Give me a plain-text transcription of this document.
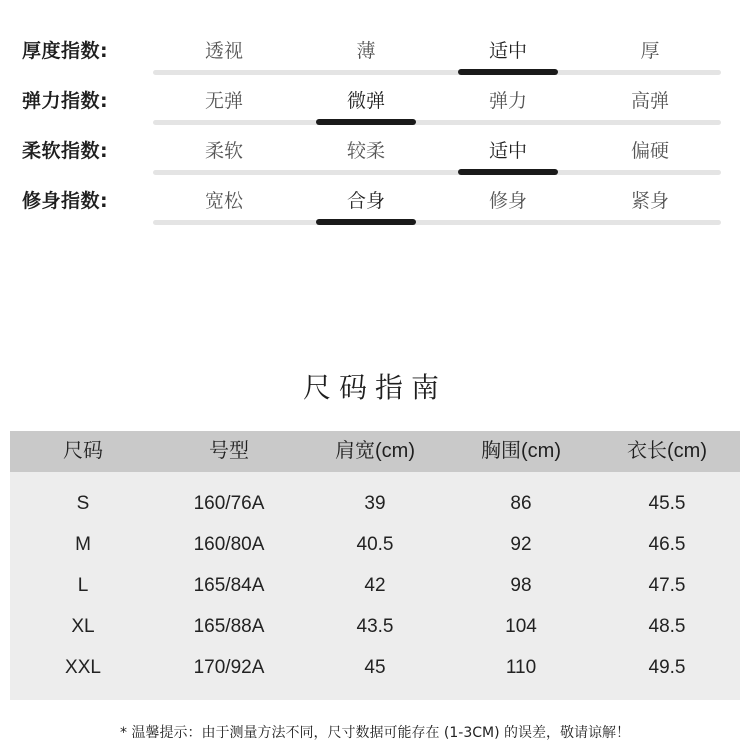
厚度指数:	透视	薄	适中	厚
弹力指数:	无弹	微弹	弹力	高弹
柔软指数:	柔软	较柔	适中	偏硬
修身指数:	宽松	合身	修身	紧身
尺码指南
尺码	号型	肩宽(cm)	胸围(cm)	衣长(cm)
S	160/76A	39	86	45.5
M	160/80A	40.5	92	46.5
L	165/84A	42	98	47.5
XL	165/88A	43.5	104	48.5
XXL	170/92A	45	110	49.5
* 温馨提示：由于测量方法不同，尺寸数据可能存在 (1-3CM) 的误差，敬请谅解！
